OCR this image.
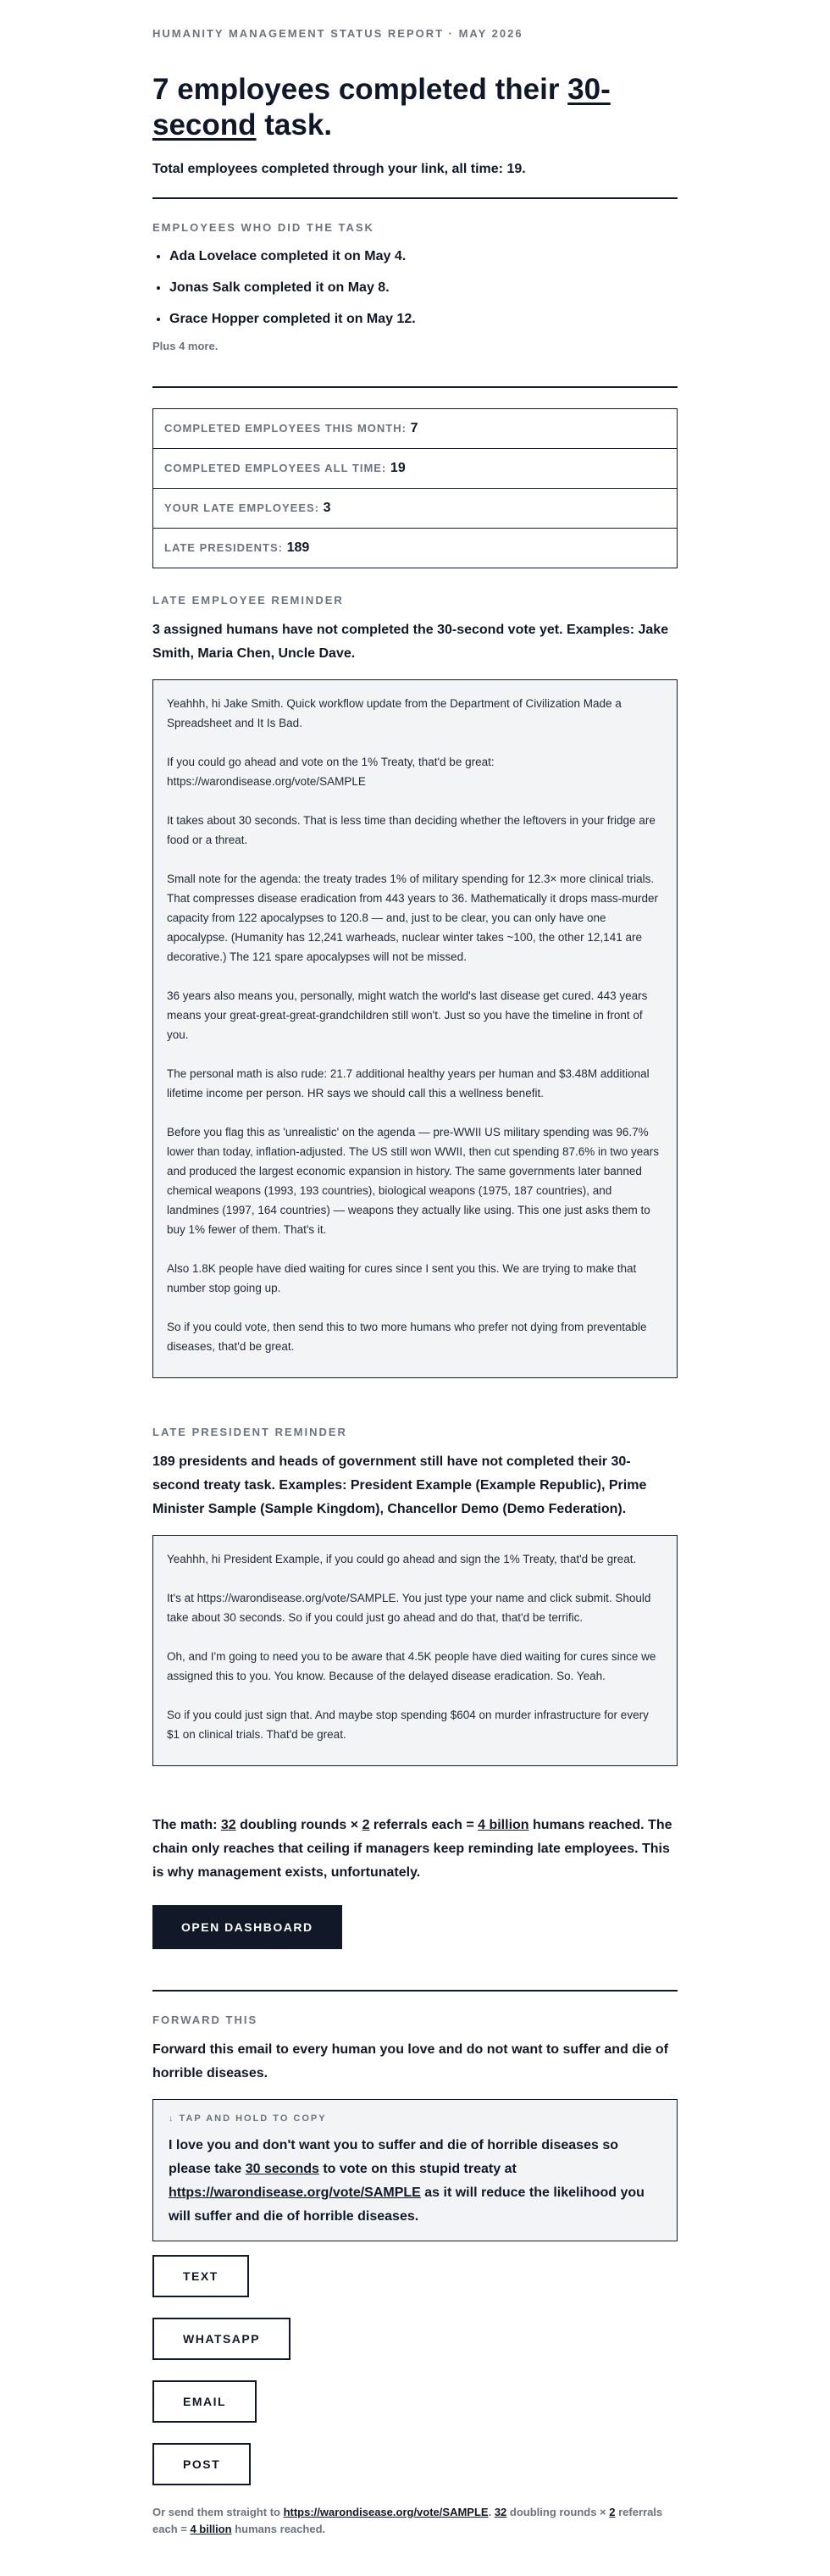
HUMANITY MANAGEMENT STATUS REPORT · MAY 2026

7 employees completed their 30-second task.

Total employees completed through your link, all time: 19.

EMPLOYEES WHO DID THE TASK
• Ada Lovelace completed it on May 4.
• Jonas Salk completed it on May 8.
• Grace Hopper completed it on May 12.

Plus 4 more.

COMPLETED EMPLOYEES THIS MONTH: 7
COMPLETED EMPLOYEES ALL TIME: 19
YOUR LATE EMPLOYEES: 3
LATE PRESIDENTS: 189
LATE EMPLOYEE REMINDER

3 assigned humans have not completed the 30-second vote yet. Examples: Jake Smith, Maria Chen, Uncle Dave.

Yeahhh, hi Jake Smith. Quick workflow update from the Department of Civilization Made a Spreadsheet and It Is Bad.

If you could go ahead and vote on the 1% Treaty, that'd be great: https://warondisease.org/vote/SAMPLE

It takes about 30 seconds. That is less time than deciding whether the leftovers in your fridge are food or a threat.

Small note for the agenda: the treaty trades 1% of military spending for 12.3× more clinical trials. That compresses disease eradication from 443 years to 36. Mathematically it drops mass-murder capacity from 122 apocalypses to 120.8 — and, just to be clear, you can only have one apocalypse. (Humanity has 12,241 warheads, nuclear winter takes ~100, the other 12,141 are decorative.) The 121 spare apocalypses will not be missed.

36 years also means you, personally, might watch the world's last disease get cured. 443 years means your great-great-great-grandchildren still won't. Just so you have the timeline in front of you.

The personal math is also rude: 21.7 additional healthy years per human and $3.48M additional lifetime income per person. HR says we should call this a wellness benefit.

Before you flag this as 'unrealistic' on the agenda — pre-WWII US military spending was 96.7% lower than today, inflation-adjusted. The US still won WWII, then cut spending 87.6% in two years and produced the largest economic expansion in history. The same governments later banned chemical weapons (1993, 193 countries), biological weapons (1975, 187 countries), and landmines (1997, 164 countries) — weapons they actually like using. This one just asks them to buy 1% fewer of them. That's it.

Also 1.8K people have died waiting for cures since I sent you this. We are trying to make that number stop going up.

So if you could vote, then send this to two more humans who prefer not dying from preventable diseases, that'd be great.

LATE PRESIDENT REMINDER

189 presidents and heads of government still have not completed their 30-second treaty task. Examples: President Example (Example Republic), Prime Minister Sample (Sample Kingdom), Chancellor Demo (Demo Federation).

Yeahhh, hi President Example, if you could go ahead and sign the 1% Treaty, that'd be great.

It's at https://warondisease.org/vote/SAMPLE. You just type your name and click submit. Should take about 30 seconds. So if you could just go ahead and do that, that'd be terrific.

Oh, and I'm going to need you to be aware that 4.5K people have died waiting for cures since we assigned this to you. You know. Because of the delayed disease eradication. So. Yeah.

So if you could just sign that. And maybe stop spending $604 on murder infrastructure for every $1 on clinical trials. That'd be great.

The math: 32 doubling rounds × 2 referrals each = 4 billion humans reached. The chain only reaches that ceiling if managers keep reminding late employees. This is why management exists, unfortunately.

OPEN DASHBOARD
FORWARD THIS

Forward this email to every human you love and do not want to suffer and die of horrible diseases.

↓ TAP AND HOLD TO COPY
I love you and don't want you to suffer and die of horrible diseases so please take 30 seconds to vote on this stupid treaty at https://warondisease.org/vote/SAMPLE as it will reduce the likelihood you will suffer and die of horrible diseases.
TEXT
WHATSAPP
EMAIL
POST

Or send them straight to https://warondisease.org/vote/SAMPLE. 32 doubling rounds × 2 referrals each = 4 billion humans reached.
